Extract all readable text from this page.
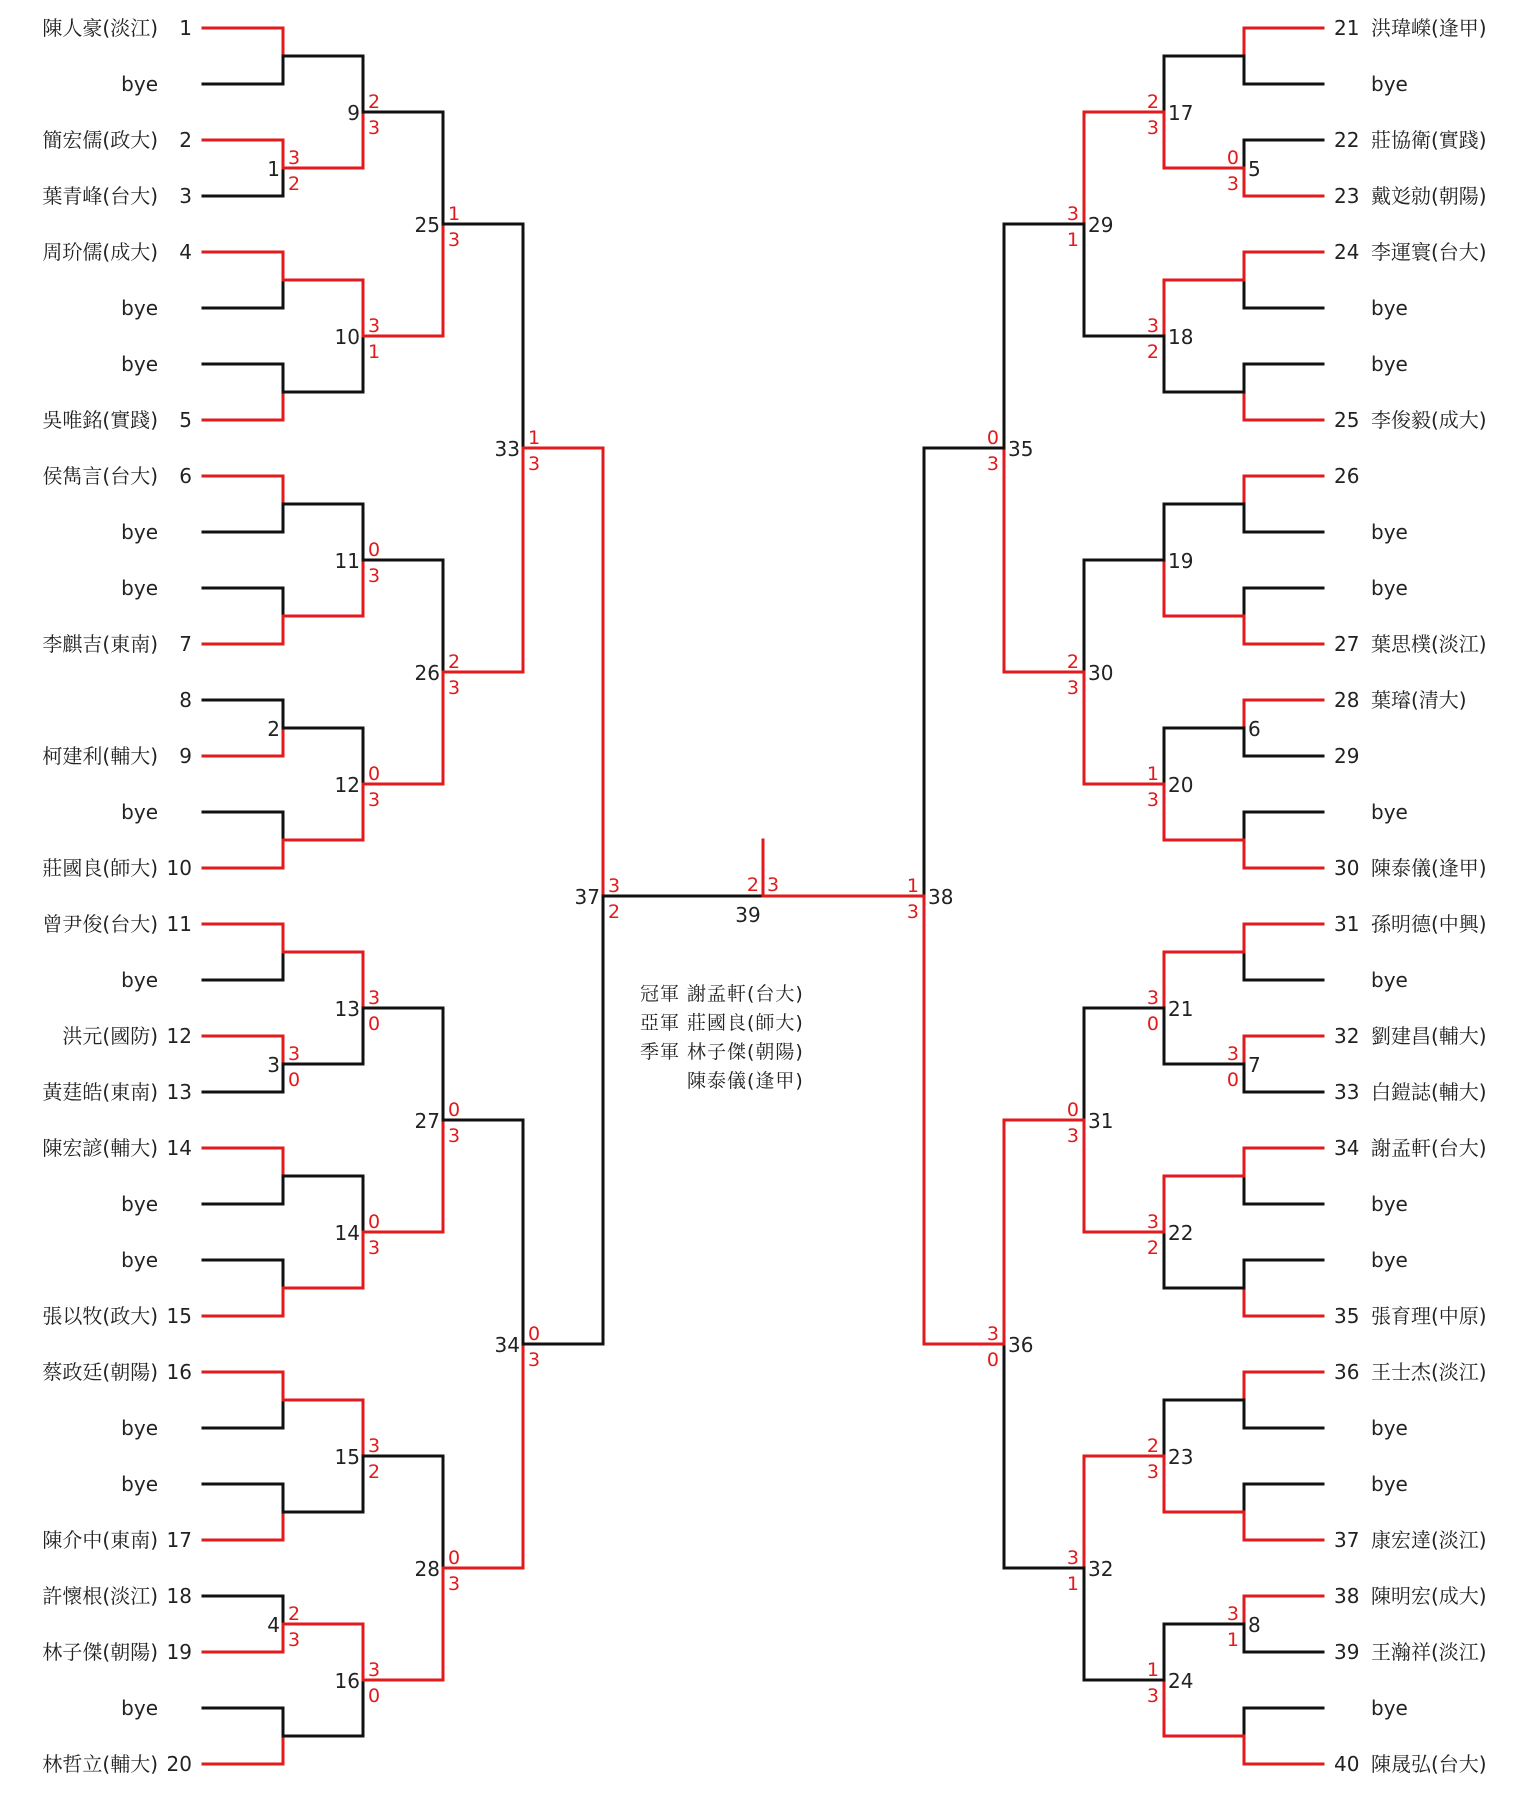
陳人豪(淡江) 1
bye
簡宏儒(政大) 2
葉青峰(台大) 3
周玠儒(成大) 4
bye
bye
吳唯銘(實踐) 5
侯雋言(台大) 6
bye
bye
李麒吉(東南) 7
8
柯建利(輔大) 9
bye
莊國良(師大) 10
曾尹俊(台大) 11
bye
洪元(國防) 12
黃莛皓(東南) 13
陳宏諺(輔大) 14
bye
bye
張以牧(政大) 15
蔡政廷(朝陽) 16
bye
bye
陳介中(東南) 17
許懷根(淡江) 18
林子傑(朝陽) 19
bye
林哲立(輔大) 20
1 3
2
2
3 3
0
4 2
3
9 2
3
10 3
1
11 0
3
12 0
3
13 3
0
14 0
3
15 3
2
16 3
0
25 1
3
26 2
3
27 0
3
28 0
3
33 1
3
34 0
3
37 3
2
21 洪瑋嶸(逢甲)
bye
22 莊協衛(實踐)
23 戴彣勍(朝陽)
24 李運寰(台大)
bye
bye
25 李俊毅(成大)
26
bye
bye
27 葉思樸(淡江)
28 葉璿(清大)
29
bye
30 陳泰儀(逢甲)
31 孫明德(中興)
bye
32 劉建昌(輔大)
33 白鎧誌(輔大)
34 謝孟軒(台大)
bye
bye
35 張育理(中原)
36 王士杰(淡江)
bye
bye
37 康宏達(淡江)
38 陳明宏(成大)
39 王瀚祥(淡江)
bye
40 陳晟弘(台大)
5
0
3
6
7
3
0
8
3
1
17
2
3
18
3
2
19
20
1
3
21
3
0
22
3
2
23
2
3
24
1
3
29
3
1
30
2
3
31
0
3
32
3
1
35
0
3
36
3
0
38
1
3
2 3
39
冠軍 謝孟軒(台大)
亞軍 莊國良(師大)
季軍 林子傑(朝陽)
陳泰儀(逢甲)
